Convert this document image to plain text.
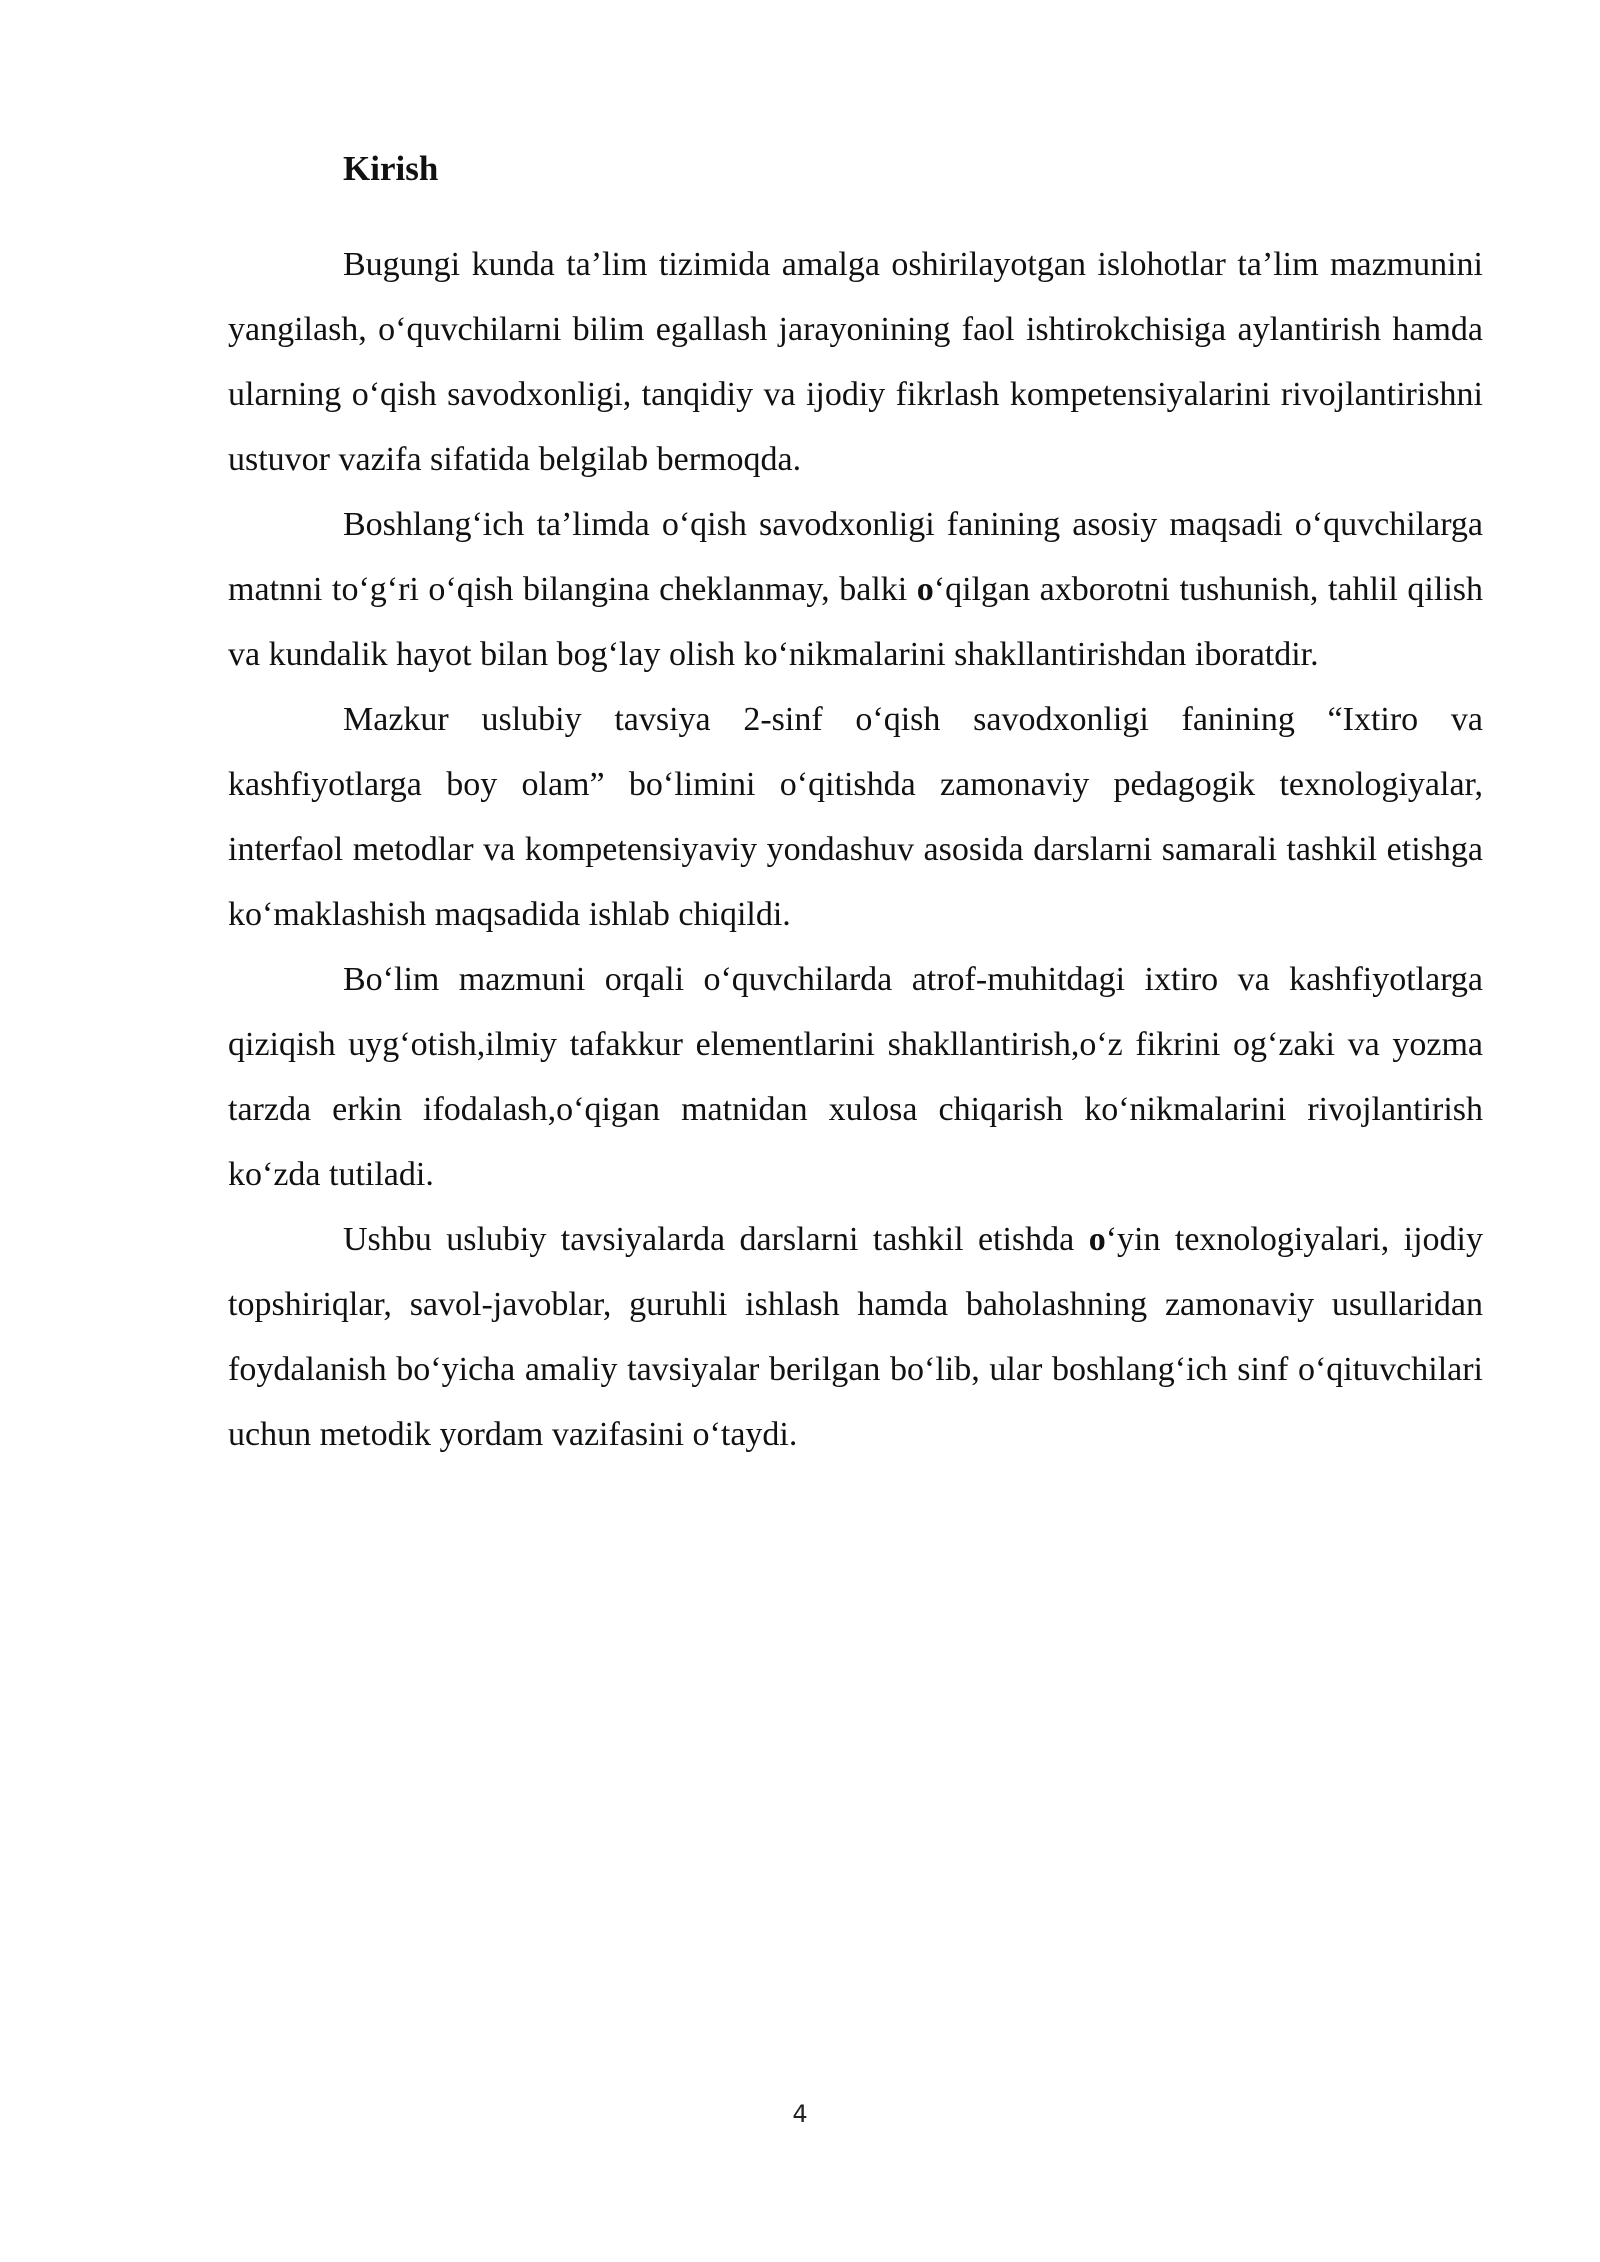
Kirish

Bugungi kunda ta’lim tizimida amalga oshirilayotgan islohotlar ta’lim mazmunini yangilash, o‘quvchilarni bilim egallash jarayonining faol ishtirokchisiga aylantirish hamda ularning o‘qish savodxonligi, tanqidiy va ijodiy fikrlash kompetensiyalarini rivojlantirishni ustuvor vazifa sifatida belgilab bermoqda.

Boshlang‘ich ta’limda o‘qish savodxonligi fanining asosiy maqsadi o‘quvchilarga matnni to‘g‘ri o‘qish bilangina cheklanmay, balki o‘qilgan axborotni tushunish, tahlil qilish va kundalik hayot bilan bog‘lay olish ko‘nikmalarini shakllantirishdan iboratdir.

Mazkur uslubiy tavsiya 2-sinf o‘qish savodxonligi fanining “Ixtiro va kashfiyotlarga boy olam” bo‘limini o‘qitishda zamonaviy pedagogik texnologiyalar, interfaol metodlar va kompetensiyaviy yondashuv asosida darslarni samarali tashkil etishga ko‘maklashish maqsadida ishlab chiqildi.

Bo‘lim mazmuni orqali o‘quvchilarda atrof-muhitdagi ixtiro va kashfiyotlarga qiziqish uyg‘otish,ilmiy tafakkur elementlarini shakllantirish,o‘z fikrini og‘zaki va yozma tarzda erkin ifodalash,o‘qigan matnidan xulosa chiqarish ko‘nikmalarini rivojlantirish ko‘zda tutiladi.

Ushbu uslubiy tavsiyalarda darslarni tashkil etishda o‘yin texnologiyalari, ijodiy topshiriqlar, savol-javoblar, guruhli ishlash hamda baholashning zamonaviy usullaridan foydalanish bo‘yicha amaliy tavsiyalar berilgan bo‘lib, ular boshlang‘ich sinf o‘qituvchilari uchun metodik yordam vazifasini o‘taydi.

4
